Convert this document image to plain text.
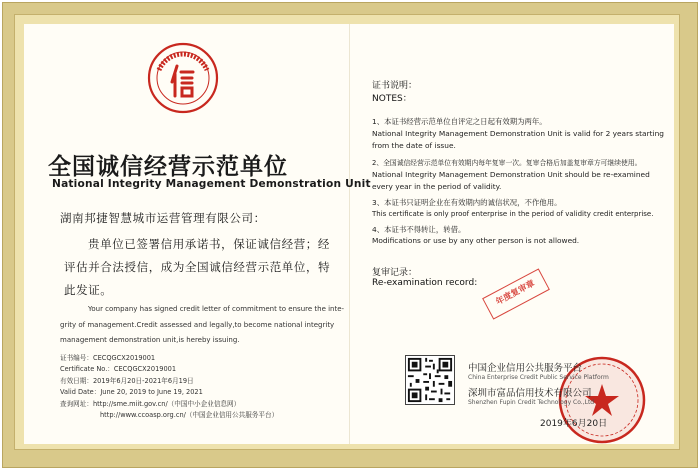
全国诚信经营示范单位
National Integrity Management Demonstration Unit
湖南邦捷智慧城市运营管理有限公司：
贵单位已签署信用承诺书，保证诚信经营；经
评估并合法授信，成为全国诚信经营示范单位，特
此发证。
Your company has signed credit letter of commitment to ensure the inte-
grity of management.Credit assessed and legally,to become national integrity
management demonstration unit,is hereby issuing.
证书编号：CECQGCX2019001
Certificate No.：CECQGCX2019001
有效日期：2019年6月20日-2021年6月19日
Valid Date：June 20, 2019 to June 19, 2021
查询网址：http://sme.miit.gov.cn/（中国中小企业信息网）
http://www.ccoasp.org.cn/（中国企业信用公共服务平台）
证书说明：
NOTES：
1、本证书经营示范单位自评定之日起有效期为两年。
National Integrity Management Demonstration Unit is valid for 2 years starting
from the date of issue.
2、全国诚信经营示范单位有效期内每年复审一次。复审合格后加盖复审章方可继续使用。
National Integrity Management Demonstration Unit should be re-examined
every year in the period of validity.
3、本证书只证明企业在有效期内的诚信状况，不作他用。
This certificate is only proof enterprise in the period of validity credit enterprise.
4、本证书不得转让，转借。
Modifications or use by any other person is not allowed.
复审记录：
Re-examination record:	年度复审章
中国企业信用公共服务平台
China Enterprise Credit Public Service Platform
深圳市富品信用技术有限公司
Shenzhen Fupin Credit Technology Co.,Ltd
2019年6月20日
